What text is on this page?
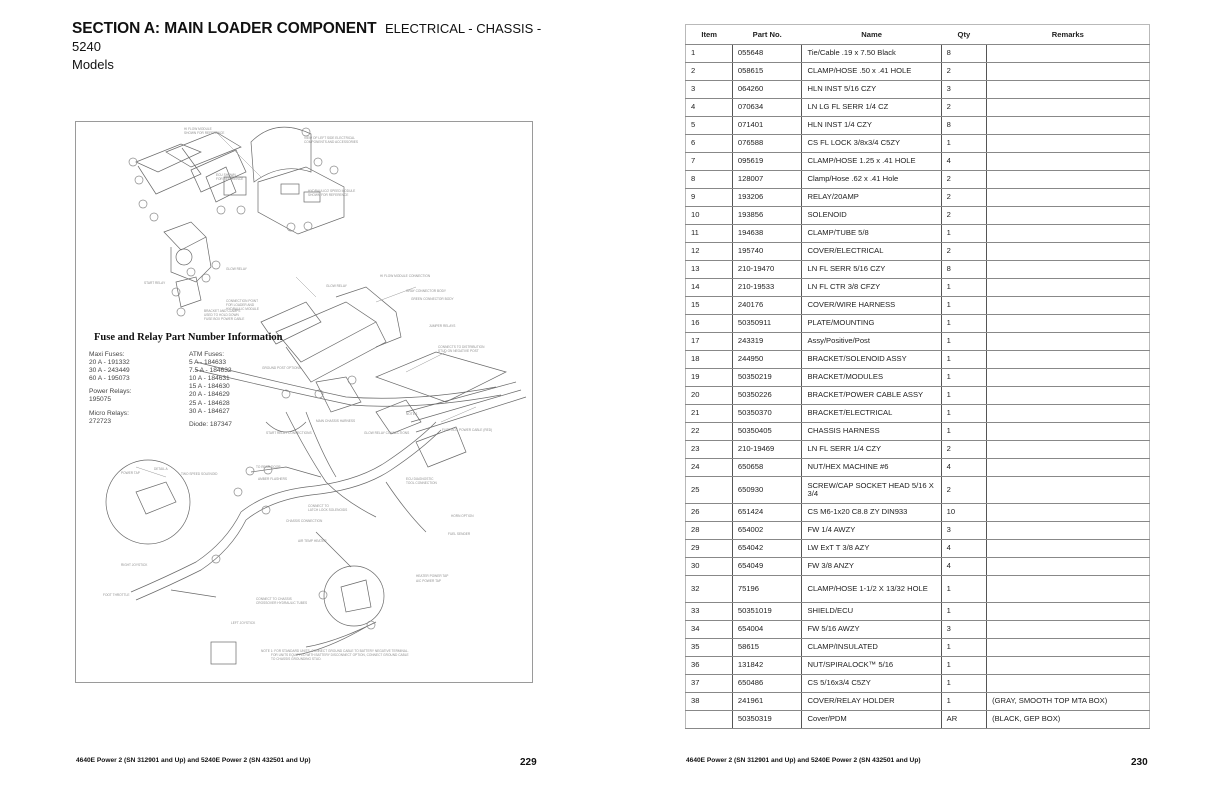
SECTION A: MAIN LOADER COMPONENT ELECTRICAL - CHASSIS - 5240
Models
HI FLOW MODULE
SHOWN FOR REFERENCE
VIEW OF LEFT SIDE ELECTRICAL
COMPONENTS AND ACCESSORIES
ECU SHOWN
FOR REFERENCE
HYDRAULIC/2 SPEED MODULE
SHOWN FOR REFERENCE
GLOW RELAY
START RELAY
BRACKET AND CLAMPS
USED TO HOLD DOWN
FUSE BOX POWER CABLE
CONNECTION POINT
FOR LOADER AND
HYDRAULIC MODULE
HI FLOW MODULE CONNECTION
GRAY CONNECTOR BODY
GREEN CONNECTOR BODY
GLOW RELAY
JUMPER RELAYS
CONNECTS TO DISTRIBUTION
STUD ON NEGATIVE POST
GROUND POST OPTIONS
MAIN CHASSIS HARNESS
NOTE 1
FUSE BOX POWER CABLE (RED)
START RELAY CONNECTIONS	GLOW RELAY CONNECTIONS
DETAIL A
POWER TAP	TWO SPEED SOLENOID
TO REAR DOOR
AMBER FLASHERS
CONNECT TO
LATCH LOCK SOLENOIDS
CHASSIS CONNECTION
ECU DIAGNOSTIC
TOOL CONNECTION
HORN OPTION
FUEL SENDER
AIR TEMP HEATER
FOOT THROTTLE
RIGHT JOYSTICK
LEFT JOYSTICK
HEATER POWER TAP
A/C POWER TAP
CONNECT TO CHASSIS
CROSSOVER HYDRAULIC TUBES
NOTE 1: FOR STANDARD UNITS, CONNECT GROUND CABLE TO BATTERY NEGATIVE TERMINAL.
FOR UNITS EQUIPPED WITH BATTERY DISCONNECT OPTION, CONNECT GROUND CABLE
TO CHASSIS GROUNDING STUD.
Fuse and Relay Part Number Information
Maxi Fuses:
20 A - 191332
30 A - 243449
60 A - 195073
Power Relays:
195075
Micro Relays:
272723
ATM Fuses:
5 A - 184633
7.5 A - 184632
10 A - 184631
15 A - 184630
20 A - 184629
25 A - 184628
30 A - 184627
Diode: 187347
4640E Power 2 (SN 312901 and Up) and 5240E Power 2 (SN 432501 and Up)	229
Item	Part No.	Name	Qty	Remarks
1	055648	Tie/Cable .19 x 7.50 Black	8	
2	058615	CLAMP/HOSE .50 x .41 HOLE	2	
3	064260	HLN INST 5/16 CZY	3	
4	070634	LN LG FL SERR 1/4 CZ	2	
5	071401	HLN INST 1/4 CZY	8	
6	076588	CS FL LOCK 3/8x3/4 C5ZY	1	
7	095619	CLAMP/HOSE 1.25 x .41 HOLE	4	
8	128007	Clamp/Hose .62 x .41 Hole	2	
9	193206	RELAY/20AMP	2	
10	193856	SOLENOID	2	
11	194638	CLAMP/TUBE 5/8	1	
12	195740	COVER/ELECTRICAL	2	
13	210-19470	LN FL SERR 5/16 CZY	8	
14	210-19533	LN FL CTR 3/8 CFZY	1	
15	240176	COVER/WIRE HARNESS	1	
16	50350911	PLATE/MOUNTING	1	
17	243319	Assy/Positive/Post	1	
18	244950	BRACKET/SOLENOID ASSY	1	
19	50350219	BRACKET/MODULES	1	
20	50350226	BRACKET/POWER CABLE ASSY	1	
21	50350370	BRACKET/ELECTRICAL	1	
22	50350405	CHASSIS HARNESS	1	
23	210-19469	LN FL SERR 1/4 CZY	2	
24	650658	NUT/HEX MACHINE #6	4	
25	650930	SCREW/CAP SOCKET HEAD 5/16 X 3/4	2	
26	651424	CS M6-1x20 C8.8 ZY DIN933	10	
28	654002	FW 1/4 AWZY	3	
29	654042	LW ExT T 3/8 AZY	4	
30	654049	FW 3/8 ANZY	4	
32	75196	CLAMP/HOSE 1-1/2 X 13/32 HOLE	1	
33	50351019	SHIELD/ECU	1	
34	654004	FW 5/16 AWZY	3	
35	58615	CLAMP/INSULATED	1	
36	131842	NUT/SPIRALOCK™ 5/16	1	
37	650486	CS 5/16x3/4 C5ZY	1	
38	241961	COVER/RELAY HOLDER	1	(GRAY, SMOOTH TOP MTA BOX)
	50350319	Cover/PDM	AR	(BLACK, GEP BOX)
4640E Power 2 (SN 312901 and Up) and 5240E Power 2 (SN 432501 and Up)	230
